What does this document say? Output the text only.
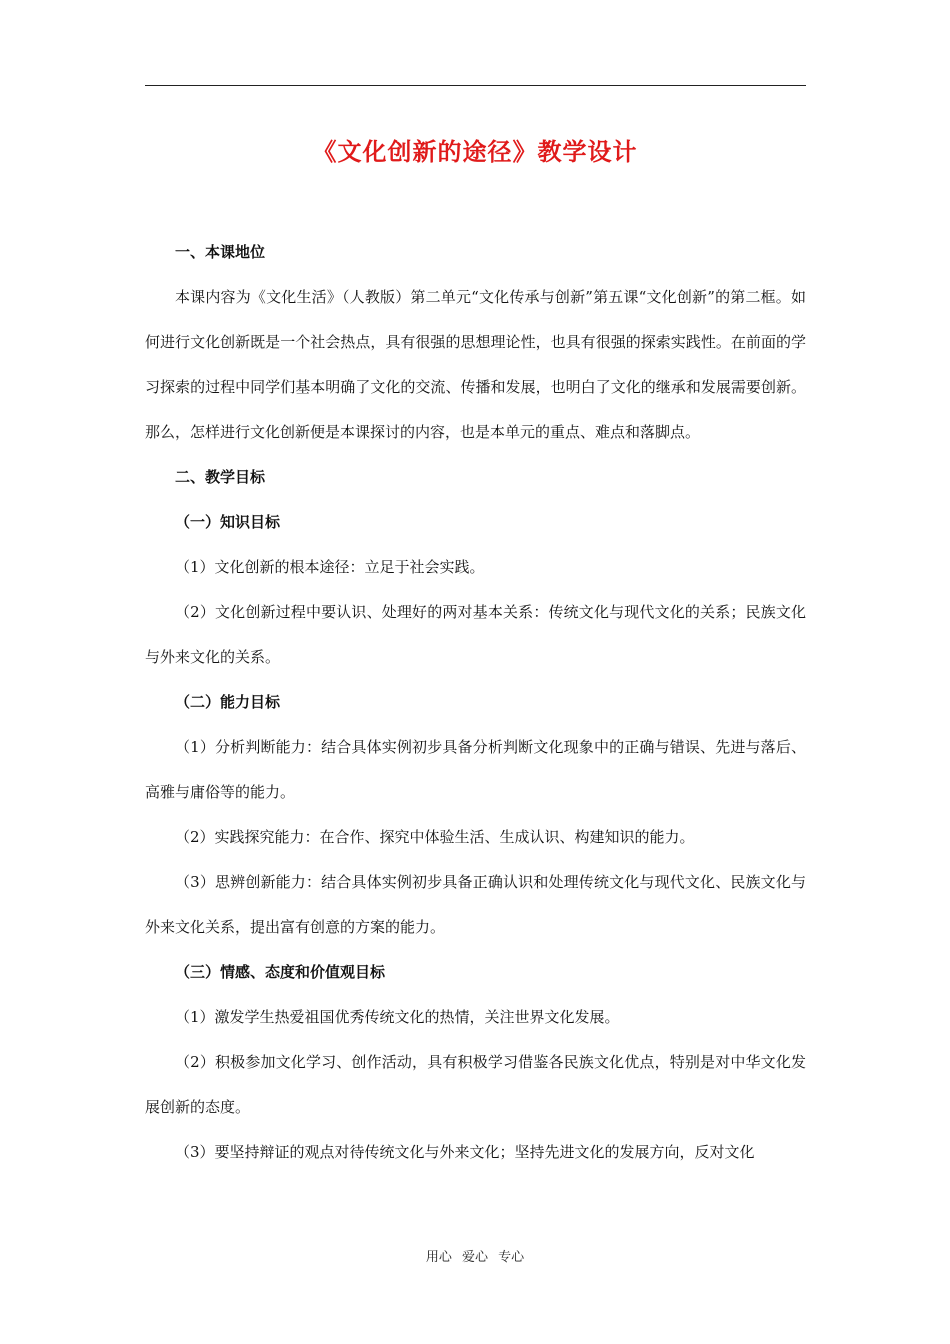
《文化创新的途径》教学设计
一、本课地位
本课内容为《文化生活》（人教版）第二单元“文化传承与创新”第五课“文化创新”的第二框。如何进行文化创新既是一个社会热点，具有很强的思想理论性，也具有很强的探索实践性。在前面的学习探索的过程中同学们基本明确了文化的交流、传播和发展，也明白了文化的继承和发展需要创新。那么，怎样进行文化创新便是本课探讨的内容，也是本单元的重点、难点和落脚点。
二、教学目标
（一）知识目标
（1）文化创新的根本途径：立足于社会实践。
（2）文化创新过程中要认识、处理好的两对基本关系：传统文化与现代文化的关系；民族文化与外来文化的关系。
（二）能力目标
（1）分析判断能力：结合具体实例初步具备分析判断文化现象中的正确与错误、先进与落后、高雅与庸俗等的能力。
（2）实践探究能力：在合作、探究中体验生活、生成认识、构建知识的能力。
（3）思辨创新能力：结合具体实例初步具备正确认识和处理传统文化与现代文化、民族文化与外来文化关系，提出富有创意的方案的能力。
（三）情感、态度和价值观目标
（1）激发学生热爱祖国优秀传统文化的热情，关注世界文化发展。
（2）积极参加文化学习、创作活动，具有积极学习借鉴各民族文化优点，特别是对中华文化发展创新的态度。
（3）要坚持辩证的观点对待传统文化与外来文化；坚持先进文化的发展方向，反对文化
用心 爱心 专心
